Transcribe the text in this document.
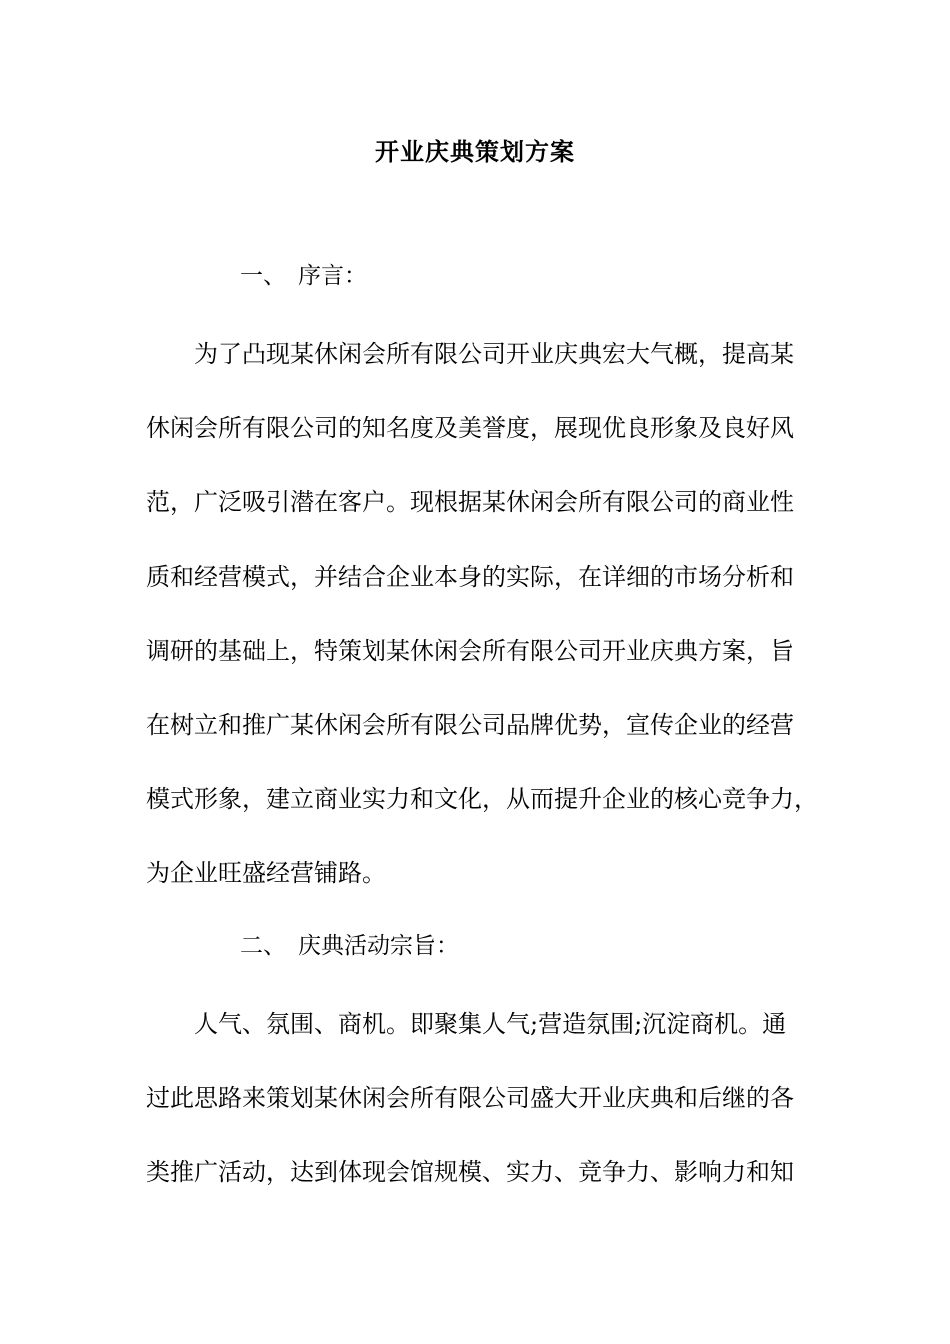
开业庆典策划方案
一、 序言：
为了凸现某休闲会所有限公司开业庆典宏大气概，提高某
休闲会所有限公司的知名度及美誉度，展现优良形象及良好风
范，广泛吸引潜在客户。现根据某休闲会所有限公司的商业性
质和经营模式，并结合企业本身的实际，在详细的市场分析和
调研的基础上，特策划某休闲会所有限公司开业庆典方案，旨
在树立和推广某休闲会所有限公司品牌优势，宣传企业的经营
模式形象，建立商业实力和文化，从而提升企业的核心竞争力，
为企业旺盛经营铺路。
二、 庆典活动宗旨：
人气、氛围、商机。即聚集人气;营造氛围;沉淀商机。通
过此思路来策划某休闲会所有限公司盛大开业庆典和后继的各
类推广活动，达到体现会馆规模、实力、竞争力、影响力和知
